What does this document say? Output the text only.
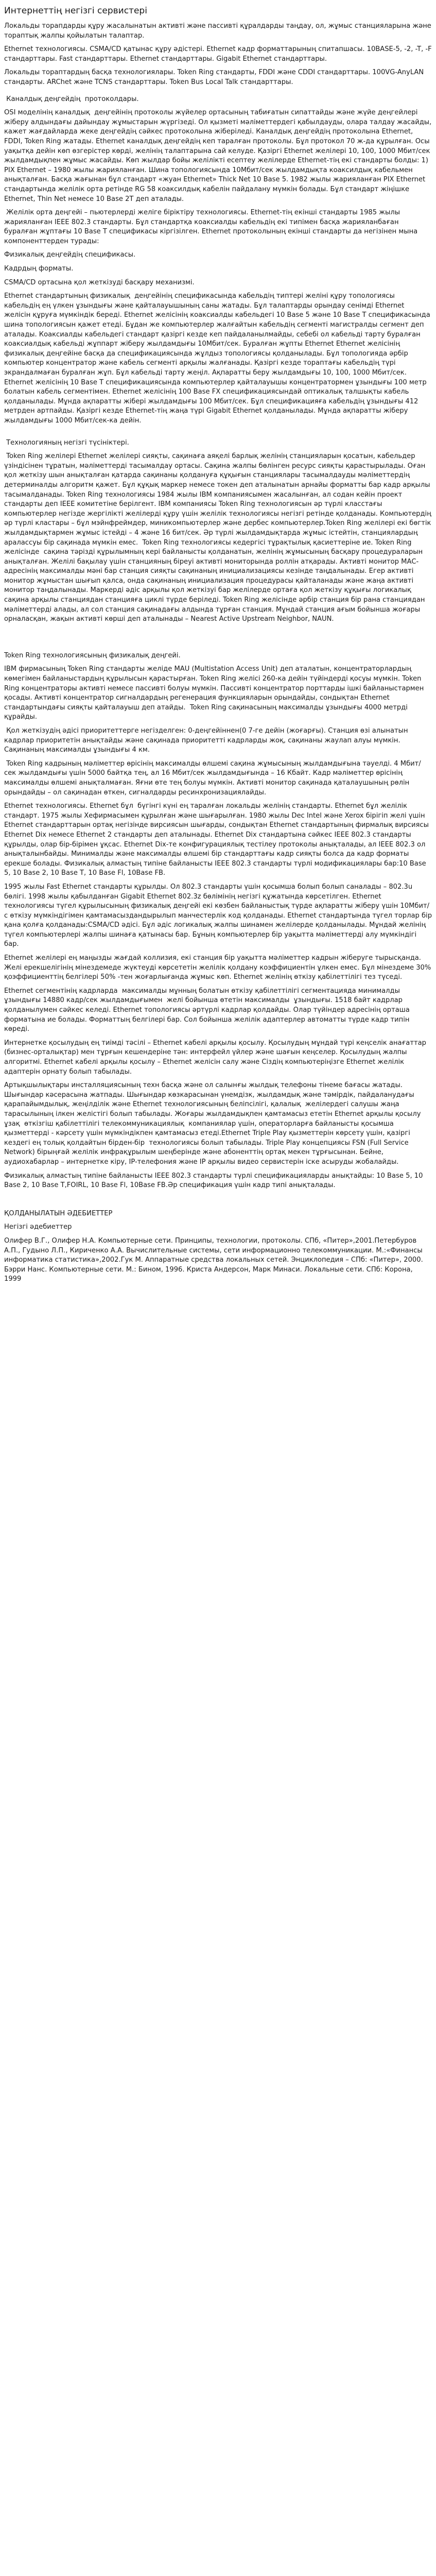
Интернеттің негізгі сервистері

Локальды торапдарды құру жасалынатын активті және пассивті құралдарды таңдау, ол, жұмыс станцияларына және тораптық жалпы қойылатын талаптар.

Ethernet технологиясы. CSMA/CD қатынас құру әдістері. Ethernet кадр форматтарының спитапшасы. 10BASE-5, -2, -T, -F стандарттары. Fast стандарттары. Ethernet стандарттары. Gigabit Ethernet стандарттары.

Локальды тораптардың басқа технологиялары. Token Ring стандарты, FDDI және CDDI стандарттары. 100VG-AnyLAN стандарты. ARChet және TCNS стандарттары. Token Bus Local Talk стандарттары.

Каналдық деңгейдің  протоколдары.

OSI моделінің каналдық  деңгейінің протоколы жүйелер ортасының табиғатын сипаттайды және жүйе деңгейлері жіберу алдындағы дайындау жұмыстарын жүргізеді. Ол қызметі мәліметтердегі қабылдауды, олара талдау жасайды, кажет жағдайларда жеке деңгейдің сәйкес протоколына жіберіледі. Каналдық деңгейдің протоколына Ethernet, FDDI, Token Ring жатады. Ethernet каналдық деңгейдің кеп таралған протоколы. Бұл протокол 70 ж-да құрылған. Осы уақытқа дейін көп өзгерістер көрді, желінің талаптарына сай келуде. Қазіргі Ethernet желілері 10, 100, 1000 Мбит/сек жылдамдықпен жұмыс жасайды. Көп жылдар бойы желілікті есептеу желілерде Ethernet-тің екі стандарты болды: 1) PIX Ethernet – 1980 жылы жарияланған. Шина топологиясында 10Мбит/сек жылдамдықта коаксилдық кабельмен анықталған. Басқа жағынан бұл стандарт «жуан Ethernet» Thick Net 10 Base 5. 1982 жылы жарияланған PIX Ethernet стандартында желілік орта ретінде RG 58 коаксилдық кабелін пайдалану мүмкін болады. Бұл стандарт жіңішке Ethernet, Thin Net немесе 10 Base 2Т деп аталады.

Желілік орта деңгейі – пьютерлерді желіге біріктіру технологиясы. Ethernet-тің екінші стандарты 1985 жылы жарияланған IEEE 802.3 стандарты. Бұл стандартқа коаксиалды кабельдің екі типімен басқа жарияланбаған буралған жұптағы 10 Base T спецификасы кіргізілген. Ethernet протоколының екінші стандарты да негізінен мына компоненттерден турады:

Физикалық деңгейдің спецификасы.

Кадрдың форматы.

CSMA/CD ортасына қол жеткізуді басқару механизмі.

Ethernet стандартының физикалық  деңгейінің спецификасында кабельдің типтері желіні құру топологиясы  кабельдің ең үлкен ұзындығы және қайталауышының саны жатады. Бұл талаптарды орындау сенімді Ethernet желісін құруға мүмкіндік береді. Ethernet желісінің коаксиалды кабельдегі 10 Base 5 және 10 Base T спецификасында шина топологиясын қажет етеді. Бұдан же компьютерлер жалғайтын кабельдің сегменті магистралды сегмент деп аталады. Коаксиалды кабельдегі стандарт қазіргі кезде кеп пайдаланылмайды, себебі ол кабельді тарту буралған коаксиалдық кабельді жұппарт жіберу жылдамдығы 10Мбит/сек. Буралған жұпты Ethernet Ethernet желісінің физикалық деңгейіне басқа да спецификациясында жұлдыз топологиясы қолданылады. Бұл топологияда әрбір компьютер концентратор және кабель сегменті арқылы жалғанады. Қазіргі кезде тораптағы кабельдің түрі экрандалмаған буралған жұп. Бұл кабельді тарту жеңіл. Ақпаратты беру жылдамдығы 10, 100, 1000 Мбит/сек. Ethernet желісінің 10 Base T спецификациясында компьютерлер қайталауышы концентратормен ұзындығы 100 метр болатын кабель сегментімен. Ethernet желісінің 100 Base FX спецификациясындай оптикалық талшықты кабель қолданылады. Мұнда ақпаратты жібері жылдамдығы 100 Мбит/сек. Бұл спецификацияға кабельдің ұзындығы 412 метрден артпайды. Қазіргі кезде Ethernet-тің жаңа түрі Gigabit Ethernet қолданылады. Мұнда ақпаратты жіберу жылдамдығы 1000 Мбит/сек-ка дейін.

Технологияның негізгі түсініктері.

Token Ring желілері Ethernet желілері сияқты, сақинаға аяқелі барлық желінің станцияларын қосатын, кабельдер үзіндісінен тұратын, мәліметтерді тасымалдау ортасы. Сақина жалпы бөлінген ресурс сияқты қарастырылады. Оған қол жеткізу шын анықталған қатарда сақинаны қолдануға құқығын станциялары тасымалдауды мәліметтердің детерминалды алгоритм қажет. Бұл құқық маркер немесе токен деп аталынатын арнайы форматты бар кадр арқылы тасымалданады. Token Ring технологиясы 1984 жылы IBM компаниясымен жасалынған, ал содан кейін проект стандарты деп IEEE комитетіне берілгент. IBM компаниясы Token Ring технологиясын әр түрлі класстағы компьютерлер негізде жергілікті желілерді құру үшін желілік технологиясы негізгі ретінде қолданады. Компьютердің әр түрлі кластары – бұл мэйнфреймдер, миникомпьютерлер және дербес компьютерлер.Token Ring желілері екі бөгтік жылдамдықтармен жұмыс істейді – 4 және 16 бит/сек. Әр түрлі жылдамдықтарда жұмыс істейтін, станциялардың аралассуы бір сақинада мүмкін емес.  Token Ring технологиясы кедергісі тұрақтылық қасиеттеріне ие. Token Ring желісінде  сақина тәрізді құрылымның кері байланысты қолданатын, желінің жұмысының басқару процедураларын анықталған. Желілі бақылау үшін станцияның біреуі активті мониторында роллін атқарады. Активті монитор МАС-адресінің максималды мәні бар станция сияқты сақинаның инициализациясы кезінде таңдалынады. Егер активті монитор жұмыстан шығып қалса, онда сақинаның инициализация процедурасы қайталанады және жаңа активті монитор таңдалынады. Маркерді әдіс арқылы қол жеткізуі бар желілерде ортаға қол жеткізу құқығы логикалық сақина арқылы станциядан станцияға циклі түрде беріледі. Token Ring желісінде әрбір станция бір рана станциядан мәліметтерді алады, ал сол станция сақинадағы алдында тұрған станция. Мұндай станция ағым бойынша жоғары орналасқан, жақын активті көрші деп аталынады – Nearest Active Upstream Neighbor, NAUN.

Token Ring технологиясының физикалық деңгейі.

IBM фирмасының Token Ring стандарты желіде MAU (Multistation Access Unit) деп аталатын, концентраторлардың көмегімен байланыстардың құрылысын қарастырған. Token Ring желісі 260-ка дейін түйіндерді қосуы мүмкін. Token Ring концентраторы активті немесе пассивті болуы мүмкін. Пассивті концентратор порттарды ішкі байланыстармен қосады. Активті концентратор сигналдардың регенерация функцияларын орындайды, сондықтан Ethernet стандартындағы сияқты қайталауыш деп атайды.  Token Ring сақинасының максималды ұзындығы 4000 метрді құрайды.

Қол жеткізудің әдісі приоритеттерге негізделген: 0-деңгейіннен(0 7-ге дейін (жоғарғы). Станция өзі алынатын кадрлар приоритетін анықтайды және сақинада приоритетті кадрларды жоқ, сақинаны жаулап алуы мүмкін. Сақинаның максималды ұзындығы 4 км.

Token Ring кадрының мәліметтер өрісінің максималды өлшемі сақина жұмысының жылдамдығына тәуелді. 4 Мбит/сек жылдамдығы үшін 5000 байтқа тең, ал 16 Мбит/сек жылдамдығында – 16 Кбайт. Кадр мәліметтер өрісінің максималды өлшемі анықталмаған. Яғни өте тең болуы мүмкін. Активті монитор сақинада қаталаушының рөлін орындайды – ол сақинадан өткен, сигналдарды ресинхронизациялайды.

Ethernet технологиясы. Ethernet бұл  бүгінгі күні ең таралған локальды желінің стандарты. Ethernet бұл желілік стандарт. 1975 жылы Хефирмасымен құрылған және шығарылған. 1980 жылы Dec Intel және Xerox бірігіп желі үшін Ethernet стандарттарын ортақ негізінде вирсиясын шығарды, сондықтан Ethernet стандартының фирмалық вирсиясы Ethernet Dix немесе Ethernet 2 стандарты деп аталынады. Ethernet Dix стандартына сәйкес IEEE 802.3 стандарты құрылды, олар бір-бірімен ұқсас. Ethernet Dix-те конфигурациялық тестілеу протоколы анықталады, ал IEEE 802.3 ол анықталынбайды. Минималды және максималды өлшемі бір стандарттағы кадр сияқты болса да кадр форматы ерекше болады. Физикалық алмастың типіне байланысты IEEE 802.3 стандарты түрлі модификациялары бар:10 Base 5, 10 Base 2, 10 Base T, 10 Base Fl, 10Base FB.

1995 жылы Fast Ethernet стандарты құрылды. Ол 802.3 стандарты үшін қосымша болып болып саналады – 802.3u бөлігі. 1998 жылы қабылданған Gigabit Ethernet 802.3z бөлімінің негізгі құжатында көрсетілген. Ethernet технологиясы түгел құрылысының физикалық деңгейі екі көзбен байланыстық түрде ақпаратты жіберу үшін 10Мбит/с өткізу мүмкіндігімен қамтамасыздандырылып манчестерлік код қолданады. Ethernet стандартында түгел торлар бір қана қолға қолданады:CSMA/CD әдісі. Бұл әдіс логикалық жалпы шинамен желілерде қолданылады. Мұндай желінің түгел компьютерлері жалпы шинаға қатынасы бар. Бұның компьютерлер бір уақытта мәліметтерді алу мүмкіндігі бар.

Ethernet желілері ең маңызды жағдай коллизия, екі станция бір уақытта мәліметтер кадрын жіберуге тырысқанда. Желі ерекшелігінің мінездемеде жүктеуді көрсететін желілік қолдану коэффициентін ұлкен емес. Бұл мінездеме 30% қоэффициенттің белгілері 50% -тен жоғарлығанда жұмыс көп. Ethernet желінің өткізу қабілеттілігі тез түседі.

Ethernet сегментінің кадрларда  максималды мұнның болатын өткізу қабілеттілігі сегментацияда минималды  ұзындығы 14880 кадр/сек жылдамдығымен  желі бойынша өтетін максималды  ұзындығы. 1518 байт кадрлар қолданылумен сәйкес келеді. Ethernet топологиясы әртүрлі кадрлар қолдайды. Олар түйіндер адресінің орташа форматына ие болады. Форматтың белгілері бар. Сол бойынша желілік адаптерлер автоматты түрде кадр типін көреді.

Интернетке қосылудың ең тиімді тәсілі – Ethernet кабелі арқылы қосылу. Қосылудың мұндай түрі кеңселік анағаттар (бизнес-орталықтар) мен тұрғын кешендеріне тән: интерфейл үйлер және шағын кеңселер. Қосылудың жалпы алгоритмі. Ethernet кабелі арқылы қосылу – Ethernet желісін салу және Сіздің компьютеріңізге Ethernet желілік адаптерін орнату болып табылады.

Артықшылықтары инсталляциясының техн басқа және ол салынғы жылдық телефоны тінеме бағасы жатады. Шығындар кәсерасына жатпады. Шығындар көзкарасынан үнемдізк, жылдамдық және тәмірдік, пайдаланудағы қарапайымдылық, жеңілділік және Ethernet технологиясының беліпсілігі, қалалық  желілердегі салушы жаңа тарасылының ілкен желістігі болып табылады. Жоғары жылдамдықпен қамтамасыз ететін Ethernet арқылы қосылу ұзақ  өткізгіш қабілеттілігі телекоммуникациялық  компаниялар үшін, операторларға байланысты қосымша қызметтерді - кәрсету үшін мүмкіндікпен қамтамасыз етеді.Ethernet Triple Play қызметтерін көрсету үшін, қазіргі кездегі ең толық қолдайтын бірден-бір  технологиясы болып табылады. Triple Play концепциясы FSN (Full Service Network) бірыңғай желілік инфрақұрылым шеңберінде және абоненттің ортақ мекен тұрғысынан. Бейне, аудиохабарлар – интернетке кіру, IP-телефония және IP арқылы видео сервистерін іске асыруды жобалайды.

Физикалық алмастың типіне байланысты IEEE 802.3 стандарты түрлі спецификацияларды анықтайды: 10 Base 5, 10 Base 2, 10 Base T,FOIRL, 10 Base Fl, 10Base FB.Әр спецификация үшін кадр типі анықталады.

ҚОЛДАНЫЛАТЫН ӘДЕБИЕТТЕР

Негізгі әдебиеттер

Олифер В.Г., Олифер Н.А. Компьютерные сети. Принципы, технологии, протоколы. СПб, «Питер»,2001.Петербуров А.П., Гудыно Л.П., Кириченко А.А. Вычислительные системы, сети информационно телекоммуникации. М.:«Финансы информатика статистика»,2002.Гук М. Аппаратные средства локальных сетей. Энциклопедия – СПб: «Питер», 2000. Бэрри Нанс. Компьютерные сети. М.: Бином, 1996. Криста Андерсон, Марк Минаси. Локальные сети. СПб: Корона, 1999
